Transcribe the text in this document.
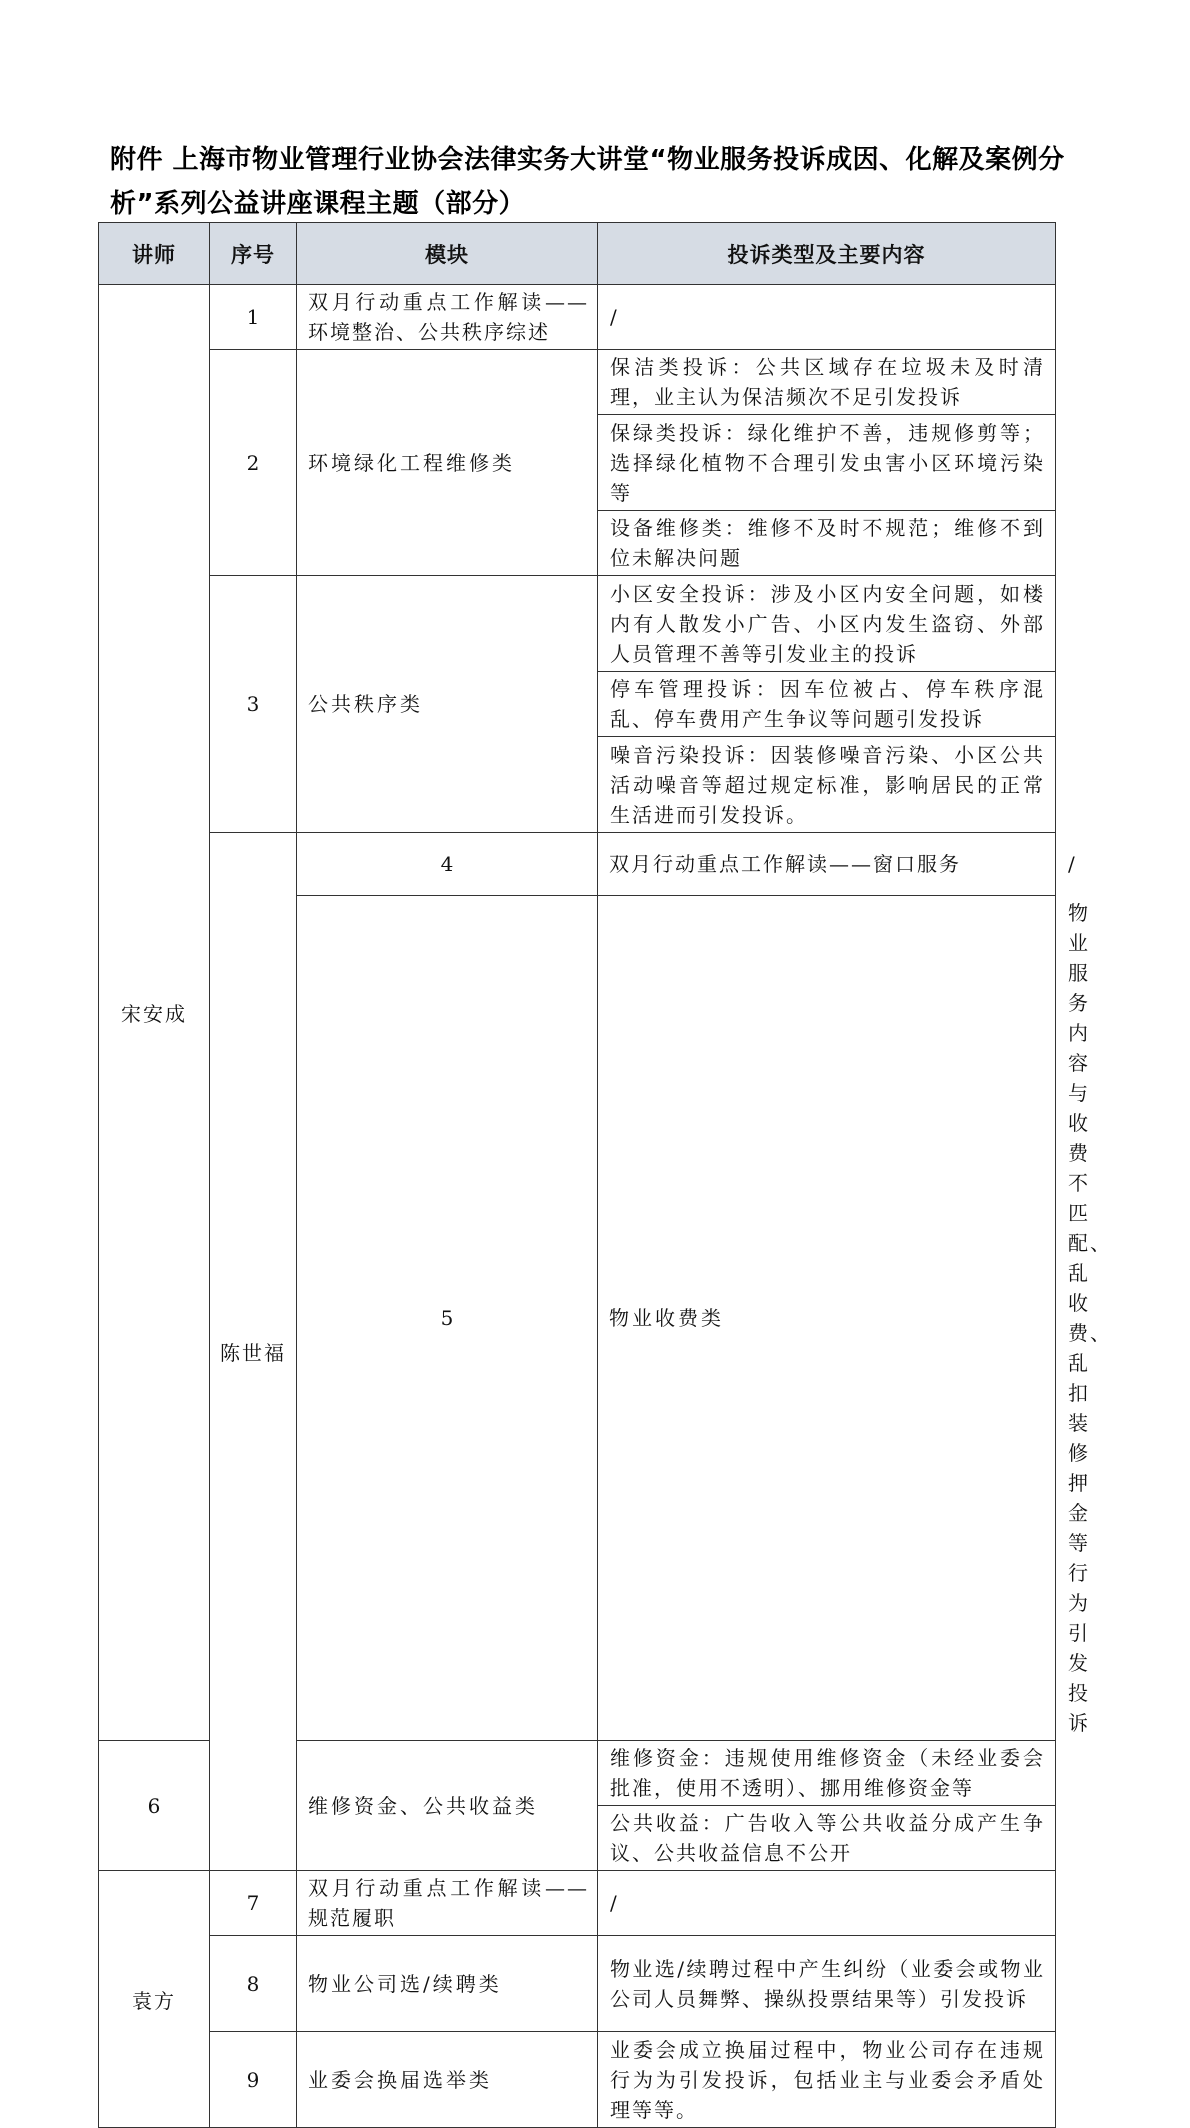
附件 上海市物业管理行业协会法律实务大讲堂“物业服务投诉成因、化解及案例分析”系列公益讲座课程主题（部分）
讲师	序号	模块	投诉类型及主要内容	
宋安成	1	双月行动重点工作解读——环境整治、公共秩序综述	/	
	2	环境绿化工程维修类	保洁类投诉：公共区域存在垃圾未及时清理，业主认为保洁频次不足引发投诉	
			保绿类投诉：绿化维护不善，违规修剪等；选择绿化植物不合理引发虫害小区环境污染等	
			设备维修类：维修不及时不规范；维修不到位未解决问题	
	3	公共秩序类	小区安全投诉：涉及小区内安全问题，如楼内有人散发小广告、小区内发生盗窃、外部人员管理不善等引发业主的投诉	
			停车管理投诉：因车位被占、停车秩序混乱、停车费用产生争议等问题引发投诉	
			噪音污染投诉：因装修噪音污染、小区公共活动噪音等超过规定标准，影响居民的正常生活进而引发投诉。	
	陈世福	4	双月行动重点工作解读——窗口服务	/
		5	物业收费类	物业服务内容与收费不匹配、乱收费、乱扣装修押金等行为引发投诉
6		维修资金、公共收益类	维修资金：违规使用维修资金（未经业委会批准，使用不透明）、挪用维修资金等	
			公共收益：广告收入等公共收益分成产生争议、公共收益信息不公开	
袁方	7	双月行动重点工作解读——规范履职	/	
	8	物业公司选/续聘类	物业选/续聘过程中产生纠纷（业委会或物业公司人员舞弊、操纵投票结果等）引发投诉	
	9	业委会换届选举类	业委会成立换届过程中，物业公司存在违规行为为引发投诉，包括业主与业委会矛盾处理等等。	
